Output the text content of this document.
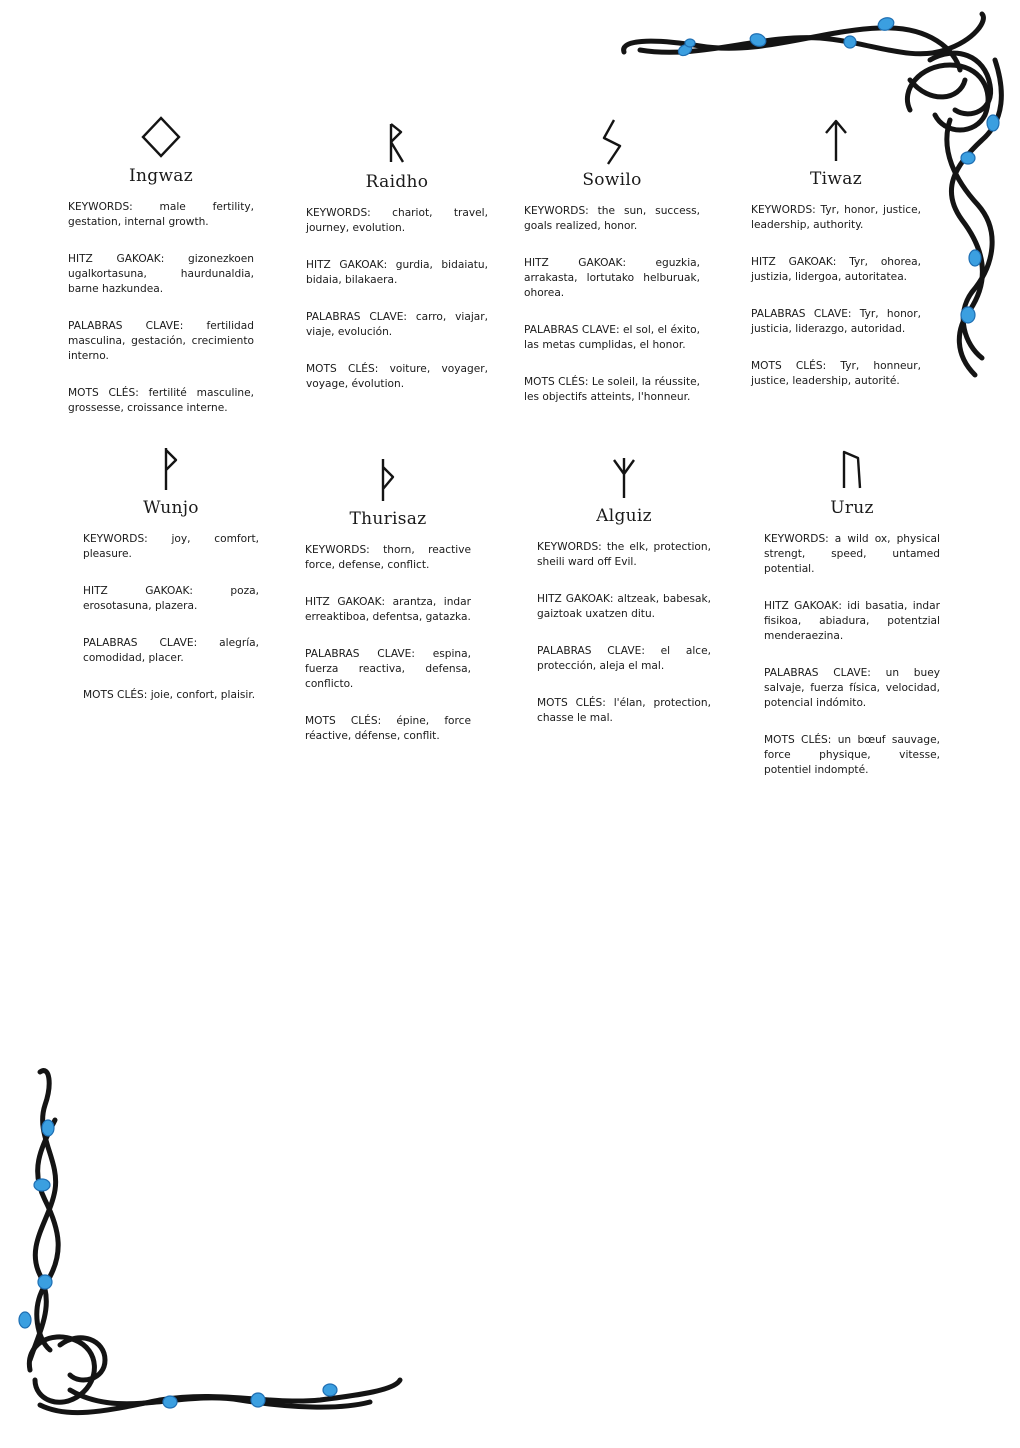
Ingwaz

KEYWORDS: male fertility, gestation, internal growth.

HITZ GAKOAK: gizonezkoen ugalkortasuna, haurdunaldia, barne hazkundea.

PALABRAS CLAVE: fertilidad masculina, gestación, crecimiento interno.

MOTS CLÉS: fertilité masculine, grossesse, croissance interne.

Raidho

KEYWORDS: chariot, travel, journey, evolution.

HITZ GAKOAK: gurdia, bidaiatu, bidaia, bilakaera.

PALABRAS CLAVE: carro, viajar, viaje, evolución.

MOTS CLÉS: voiture, voyager, voyage, évolution.

Sowilo

KEYWORDS: the sun, success, goals realized, honor.

HITZ GAKOAK: eguzkia, arrakasta, lortutako helburuak, ohorea.

PALABRAS CLAVE: el sol, el éxito, las metas cumplidas, el honor.

MOTS CLÉS: Le soleil, la réussite, les objectifs atteints, l'honneur.

Tiwaz

KEYWORDS: Tyr, honor, justice, leadership, authority.

HITZ GAKOAK: Tyr, ohorea, justizia, lidergoa, autoritatea.

PALABRAS CLAVE: Tyr, honor, justicia, liderazgo, autoridad.

MOTS CLÉS: Tyr, honneur, justice, leadership, autorité.

Wunjo

KEYWORDS: joy, comfort, pleasure.

HITZ GAKOAK: poza, erosotasuna, plazera.

PALABRAS CLAVE: alegría, comodidad, placer.

MOTS CLÉS: joie, confort, plaisir.

Thurisaz

KEYWORDS: thorn, reactive force, defense, conflict.

HITZ GAKOAK: arantza, indar erreaktiboa, defentsa, gatazka.

PALABRAS CLAVE: espina, fuerza reactiva, defensa, conflicto.

MOTS CLÉS: épine, force réactive, défense, conflit.

Alguiz

KEYWORDS: the elk, protection, sheili ward off Evil.

HITZ GAKOAK: altzeak, babesak, gaiztoak uxatzen ditu.

PALABRAS CLAVE: el alce, protección, aleja el mal.

MOTS CLÉS: l'élan, protection, chasse le mal.

Uruz

KEYWORDS: a wild ox, physical strengt, speed, untamed potential.

HITZ GAKOAK: idi basatia, indar fisikoa, abiadura, potentzial menderaezina.

PALABRAS CLAVE: un buey salvaje, fuerza física, velocidad, potencial indómito.

MOTS CLÉS: un bœuf sauvage, force physique, vitesse, potentiel indompté.
